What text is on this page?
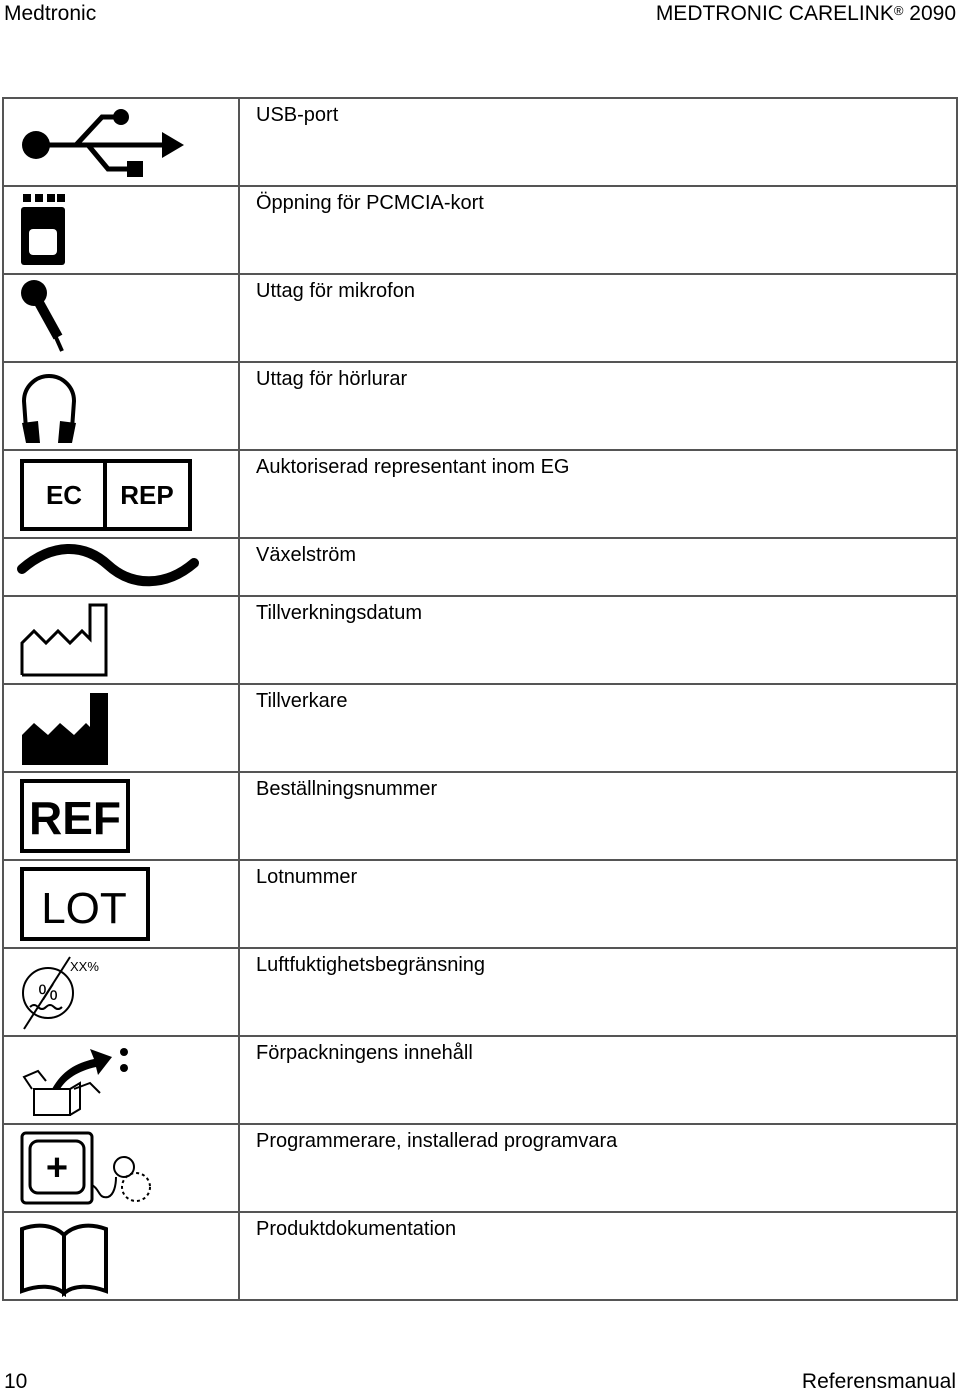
Medtronic	MEDTRONIC CARELINK® 2090
	USB-port

	Öppning för PCMCIA-kort

	Uttag för mikrofon

	Uttag för hörlurar

EC REP	Auktoriserad representant inom EG

	Växelström

	Tillverkningsdatum

	Tillverkare

REF	Beställningsnummer

LOT	Lotnummer

%
XX%	Luftfuktighetsbegränsning

	Förpackningens innehåll

+	Programmerare, installerad programvara

	Produktdokumentation
10	Referensmanual
